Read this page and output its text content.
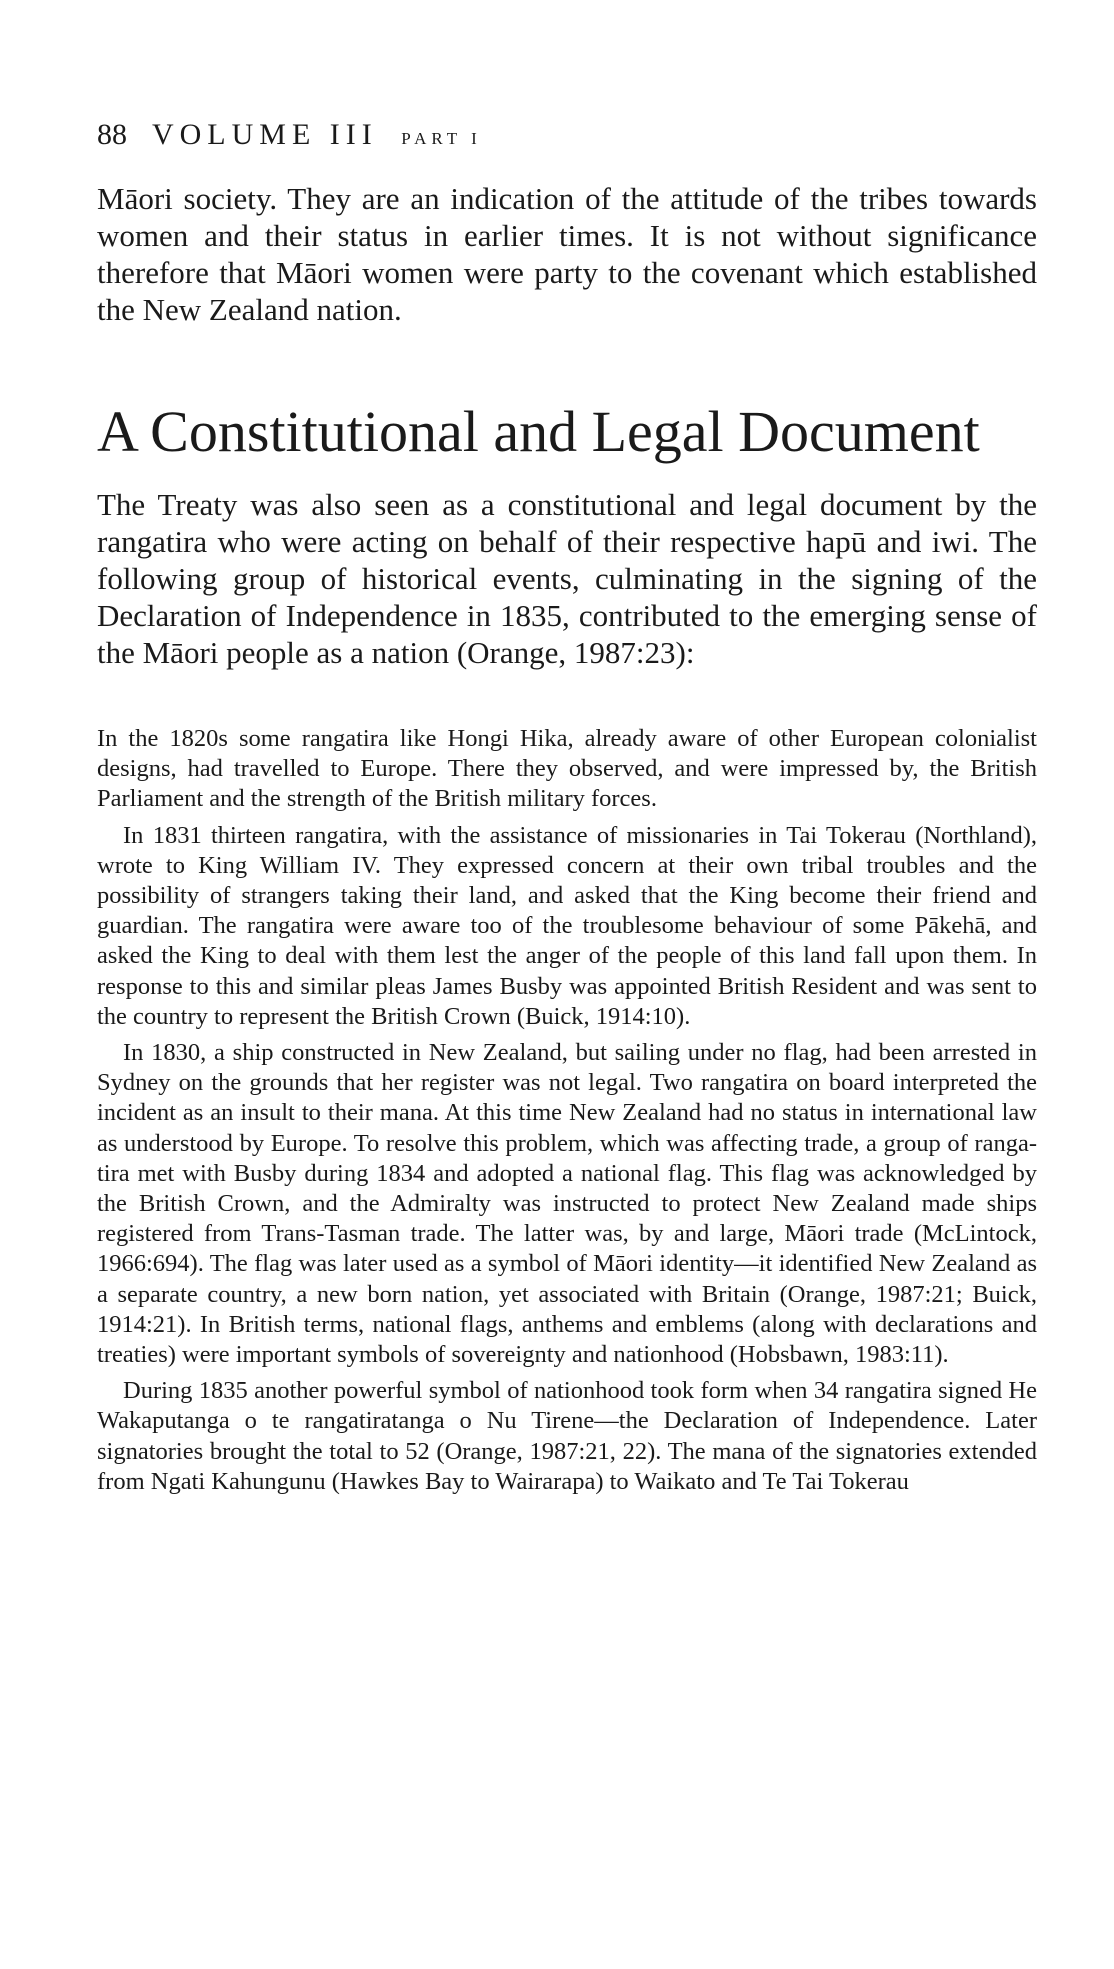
88 VOLUME III PART I

Māori society. They are an indication of the attitude of the tribes towards women and their status in earlier times. It is not without significance therefore that Māori women were party to the covenant which established the New Zealand nation.

A Constitutional and Legal Document

The Treaty was also seen as a constitutional and legal document by the rangatira who were acting on behalf of their respective hapū and iwi. The following group of historical events, culminating in the signing of the Declaration of Independence in 1835, contributed to the emerging sense of the Māori people as a nation (Orange, 1987:23):

In the 1820s some rangatira like Hongi Hika, already aware of other European colonialist designs, had travelled to Europe. There they observed, and were impressed by, the British Parliament and the strength of the British military forces.

In 1831 thirteen rangatira, with the assistance of missionaries in Tai Tokerau (Northland), wrote to King William IV. They expressed concern at their own tribal troubles and the possibility of strangers taking their land, and asked that the King become their friend and guardian. The rangatira were aware too of the troublesome behaviour of some Pākehā, and asked the King to deal with them lest the anger of the people of this land fall upon them. In response to this and similar pleas James Busby was appointed British Resident and was sent to the country to represent the British Crown (Buick, 1914:10).

In 1830, a ship constructed in New Zealand, but sailing under no flag, had been arrested in Sydney on the grounds that her register was not legal. Two rangatira on board interpreted the incident as an insult to their mana. At this time New Zealand had no status in international law as understood by Europe. To resolve this problem, which was affecting trade, a group of rangatira met with Busby during 1834 and adopted a national flag. This flag was acknowledged by the British Crown, and the Admiralty was instructed to protect New Zealand made ships registered from Trans-Tasman trade. The latter was, by and large, Māori trade (McLintock, 1966:694). The flag was later used as a symbol of Māori identity—it identified New Zealand as a separate country, a new born nation, yet associated with Britain (Orange, 1987:21; Buick, 1914:21). In British terms, national flags, anthems and emblems (along with declarations and treaties) were important symbols of sovereignty and nationhood (Hobsbawn, 1983:11).

During 1835 another powerful symbol of nationhood took form when 34 rangatira signed He Wakaputanga o te rangatiratanga o Nu Tirene—the Declaration of Independence. Later signatories brought the total to 52 (Orange, 1987:21, 22). The mana of the signatories extended from Ngati Kahungunu (Hawkes Bay to Wairarapa) to Waikato and Te Tai Tokerau
